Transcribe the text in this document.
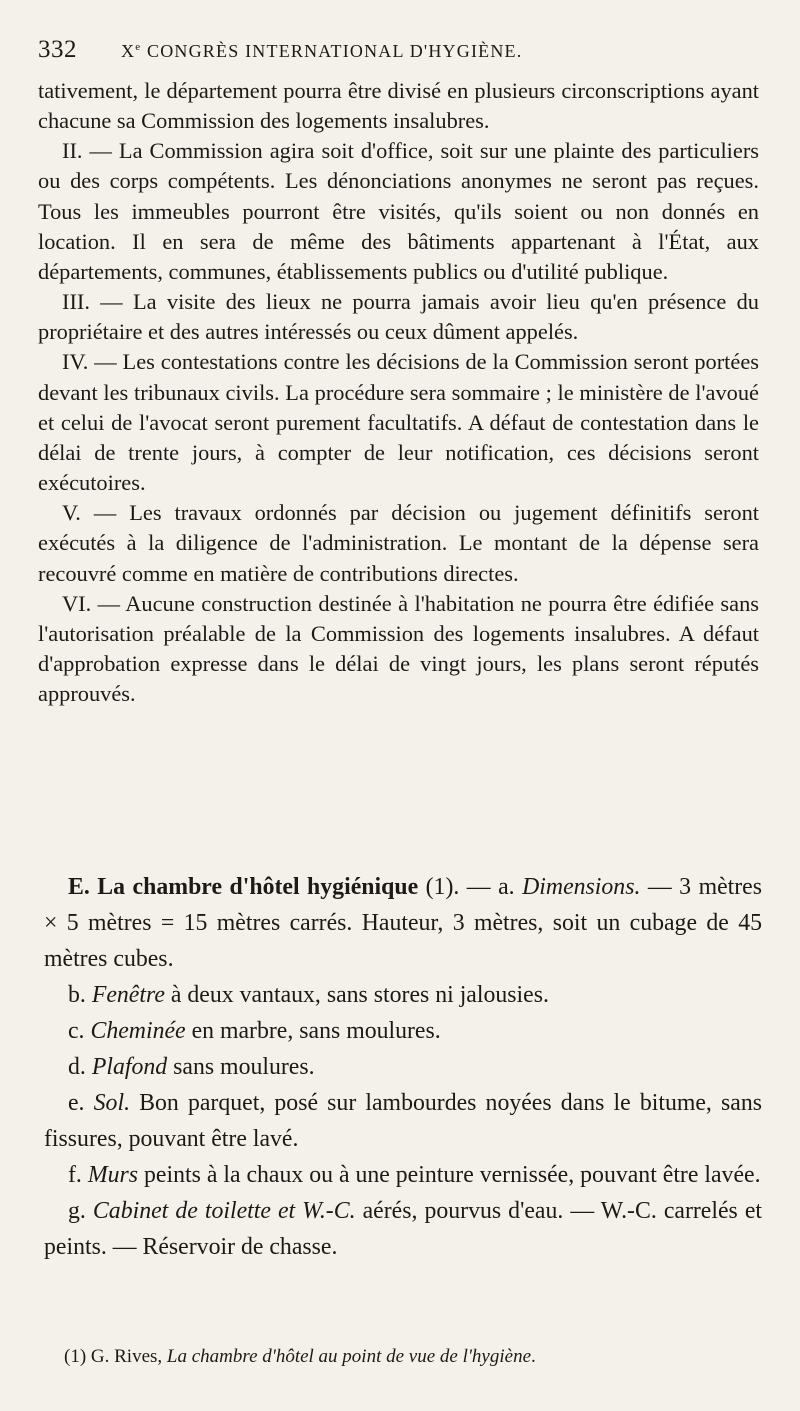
332 Xe CONGRÈS INTERNATIONAL D'HYGIÈNE.

tativement, le département pourra être divisé en plusieurs circonscriptions ayant chacune sa Commission des logements insalubres.

II. — La Commission agira soit d'office, soit sur une plainte des particuliers ou des corps compétents. Les dénonciations anonymes ne seront pas reçues. Tous les immeubles pourront être visités, qu'ils soient ou non donnés en location. Il en sera de même des bâtiments appartenant à l'État, aux départements, communes, établissements publics ou d'utilité publique.

III. — La visite des lieux ne pourra jamais avoir lieu qu'en présence du propriétaire et des autres intéressés ou ceux dûment appelés.

IV. — Les contestations contre les décisions de la Commission seront portées devant les tribunaux civils. La procédure sera sommaire ; le ministère de l'avoué et celui de l'avocat seront purement facultatifs. A défaut de contestation dans le délai de trente jours, à compter de leur notification, ces décisions seront exécutoires.

V. — Les travaux ordonnés par décision ou jugement définitifs seront exécutés à la diligence de l'administration. Le montant de la dépense sera recouvré comme en matière de contributions directes.

VI. — Aucune construction destinée à l'habitation ne pourra être édifiée sans l'autorisation préalable de la Commission des logements insalubres. A défaut d'approbation expresse dans le délai de vingt jours, les plans seront réputés approuvés.

E. La chambre d'hôtel hygiénique (1). — a. Dimensions. — 3 mètres × 5 mètres = 15 mètres carrés. Hauteur, 3 mètres, soit un cubage de 45 mètres cubes.

b. Fenêtre à deux vantaux, sans stores ni jalousies.

c. Cheminée en marbre, sans moulures.

d. Plafond sans moulures.

e. Sol. Bon parquet, posé sur lambourdes noyées dans le bitume, sans fissures, pouvant être lavé.

f. Murs peints à la chaux ou à une peinture vernissée, pouvant être lavée.

g. Cabinet de toilette et W.-C. aérés, pourvus d'eau. — W.-C. carrelés et peints. — Réservoir de chasse.

(1) G. Rives, La chambre d'hôtel au point de vue de l'hygiène.
